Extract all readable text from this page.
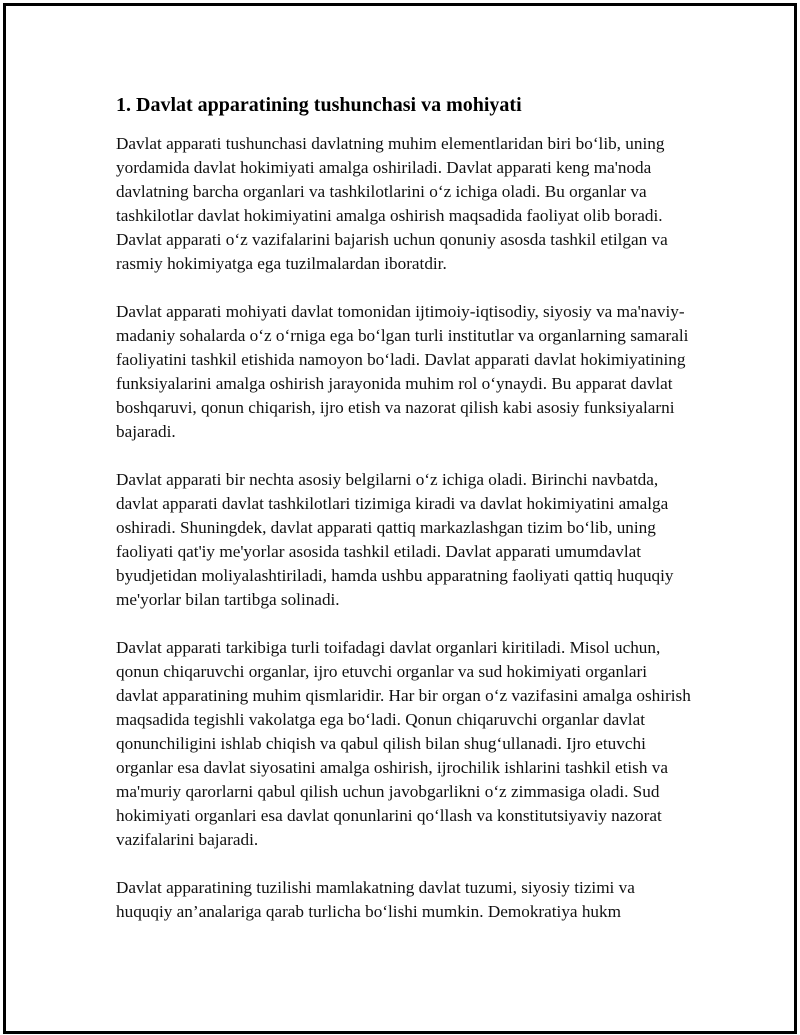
1. Davlat apparatining tushunchasi va mohiyati

Davlat apparati tushunchasi davlatning muhim elementlaridan biri bo‘lib, uning yordamida davlat hokimiyati amalga oshiriladi. Davlat apparati keng ma'noda davlatning barcha organlari va tashkilotlarini o‘z ichiga oladi. Bu organlar va tashkilotlar davlat hokimiyatini amalga oshirish maqsadida faoliyat olib boradi. Davlat apparati o‘z vazifalarini bajarish uchun qonuniy asosda tashkil etilgan va rasmiy hokimiyatga ega tuzilmalardan iboratdir.

Davlat apparati mohiyati davlat tomonidan ijtimoiy-iqtisodiy, siyosiy va ma'naviy-madaniy sohalarda o‘z o‘rniga ega bo‘lgan turli institutlar va organlarning samarali faoliyatini tashkil etishida namoyon bo‘ladi. Davlat apparati davlat hokimiyatining funksiyalarini amalga oshirish jarayonida muhim rol o‘ynaydi. Bu apparat davlat boshqaruvi, qonun chiqarish, ijro etish va nazorat qilish kabi asosiy funksiyalarni bajaradi.

Davlat apparati bir nechta asosiy belgilarni o‘z ichiga oladi. Birinchi navbatda, davlat apparati davlat tashkilotlari tizimiga kiradi va davlat hokimiyatini amalga oshiradi. Shuningdek, davlat apparati qattiq markazlashgan tizim bo‘lib, uning faoliyati qat'iy me'yorlar asosida tashkil etiladi. Davlat apparati umumdavlat byudjetidan moliyalashtiriladi, hamda ushbu apparatning faoliyati qattiq huquqiy me'yorlar bilan tartibga solinadi.

Davlat apparati tarkibiga turli toifadagi davlat organlari kiritiladi. Misol uchun, qonun chiqaruvchi organlar, ijro etuvchi organlar va sud hokimiyati organlari davlat apparatining muhim qismlaridir. Har bir organ o‘z vazifasini amalga oshirish maqsadida tegishli vakolatga ega bo‘ladi. Qonun chiqaruvchi organlar davlat qonunchiligini ishlab chiqish va qabul qilish bilan shug‘ullanadi. Ijro etuvchi organlar esa davlat siyosatini amalga oshirish, ijrochilik ishlarini tashkil etish va ma'muriy qarorlarni qabul qilish uchun javobgarlikni o‘z zimmasiga oladi. Sud hokimiyati organlari esa davlat qonunlarini qo‘llash va konstitutsiyaviy nazorat vazifalarini bajaradi.

Davlat apparatining tuzilishi mamlakatning davlat tuzumi, siyosiy tizimi va huquqiy an’analariga qarab turlicha bo‘lishi mumkin. Demokratiya hukm
